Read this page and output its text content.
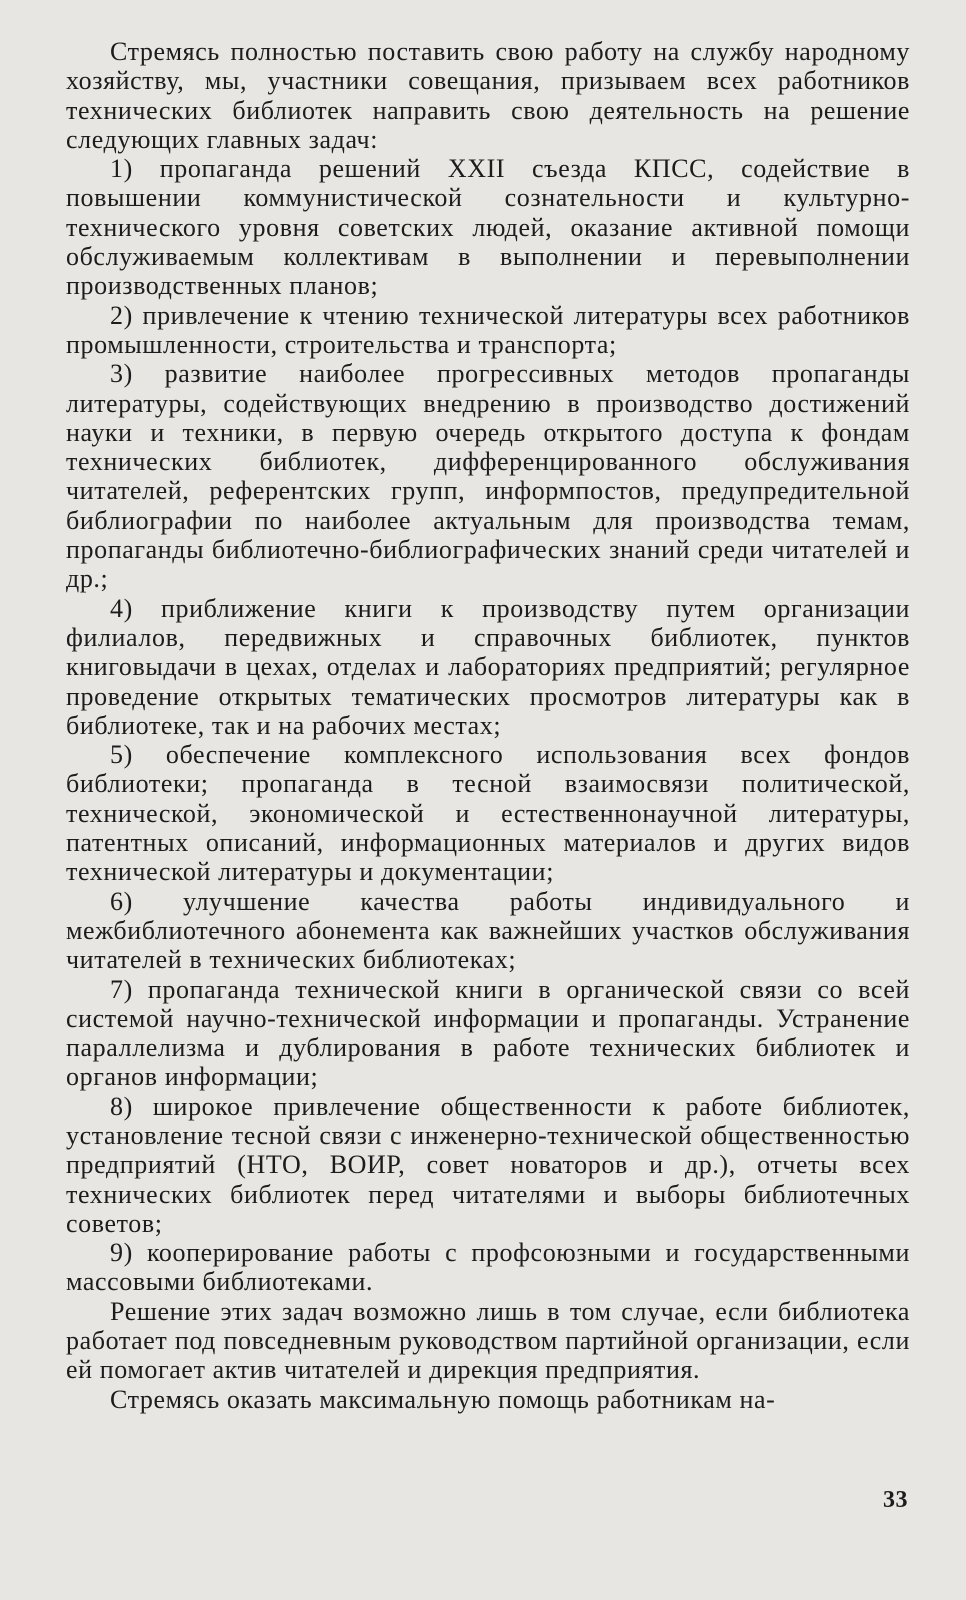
Стремясь полностью поставить свою работу на службу народному хозяйству, мы, участники совещания, призываем всех работников технических библиотек направить свою деятельность на решение следующих главных задач:

1) пропаганда решений XXII съезда КПСС, содействие в повышении коммунистической сознательности и культурно-технического уровня советских людей, оказание активной помощи обслуживаемым коллективам в выполнении и перевыполнении производственных планов;

2) привлечение к чтению технической литературы всех работников промышленности, строительства и транспорта;

3) развитие наиболее прогрессивных методов пропаганды литературы, содействующих внедрению в производство достижений науки и техники, в первую очередь открытого доступа к фондам технических библиотек, дифференцированного обслуживания читателей, референтских групп, информпостов, предупредительной библиографии по наиболее актуальным для производства темам, пропаганды библиотечно-библиографических знаний среди читателей и др.;

4) приближение книги к производству путем организации филиалов, передвижных и справочных библиотек, пунктов книговыдачи в цехах, отделах и лабораториях предприятий; регулярное проведение открытых тематических просмотров литературы как в библиотеке, так и на рабочих местах;

5) обеспечение комплексного использования всех фондов библиотеки; пропаганда в тесной взаимосвязи политической, технической, экономической и естественнонаучной литературы, патентных описаний, информационных материалов и других видов технической литературы и документации;

6) улучшение качества работы индивидуального и межбиблиотечного абонемента как важнейших участков обслуживания читателей в технических библиотеках;

7) пропаганда технической книги в органической связи со всей системой научно-технической информации и пропаганды. Устранение параллелизма и дублирования в работе технических библиотек и органов информации;

8) широкое привлечение общественности к работе библиотек, установление тесной связи с инженерно-технической общественностью предприятий (НТО, ВОИР, совет новаторов и др.), отчеты всех технических библиотек перед читателями и выборы библиотечных советов;

9) кооперирование работы с профсоюзными и государственными массовыми библиотеками.

Решение этих задач возможно лишь в том случае, если библиотека работает под повседневным руководством партийной организации, если ей помогает актив читателей и дирекция предприятия.

Стремясь оказать максимальную помощь работникам на-

33
